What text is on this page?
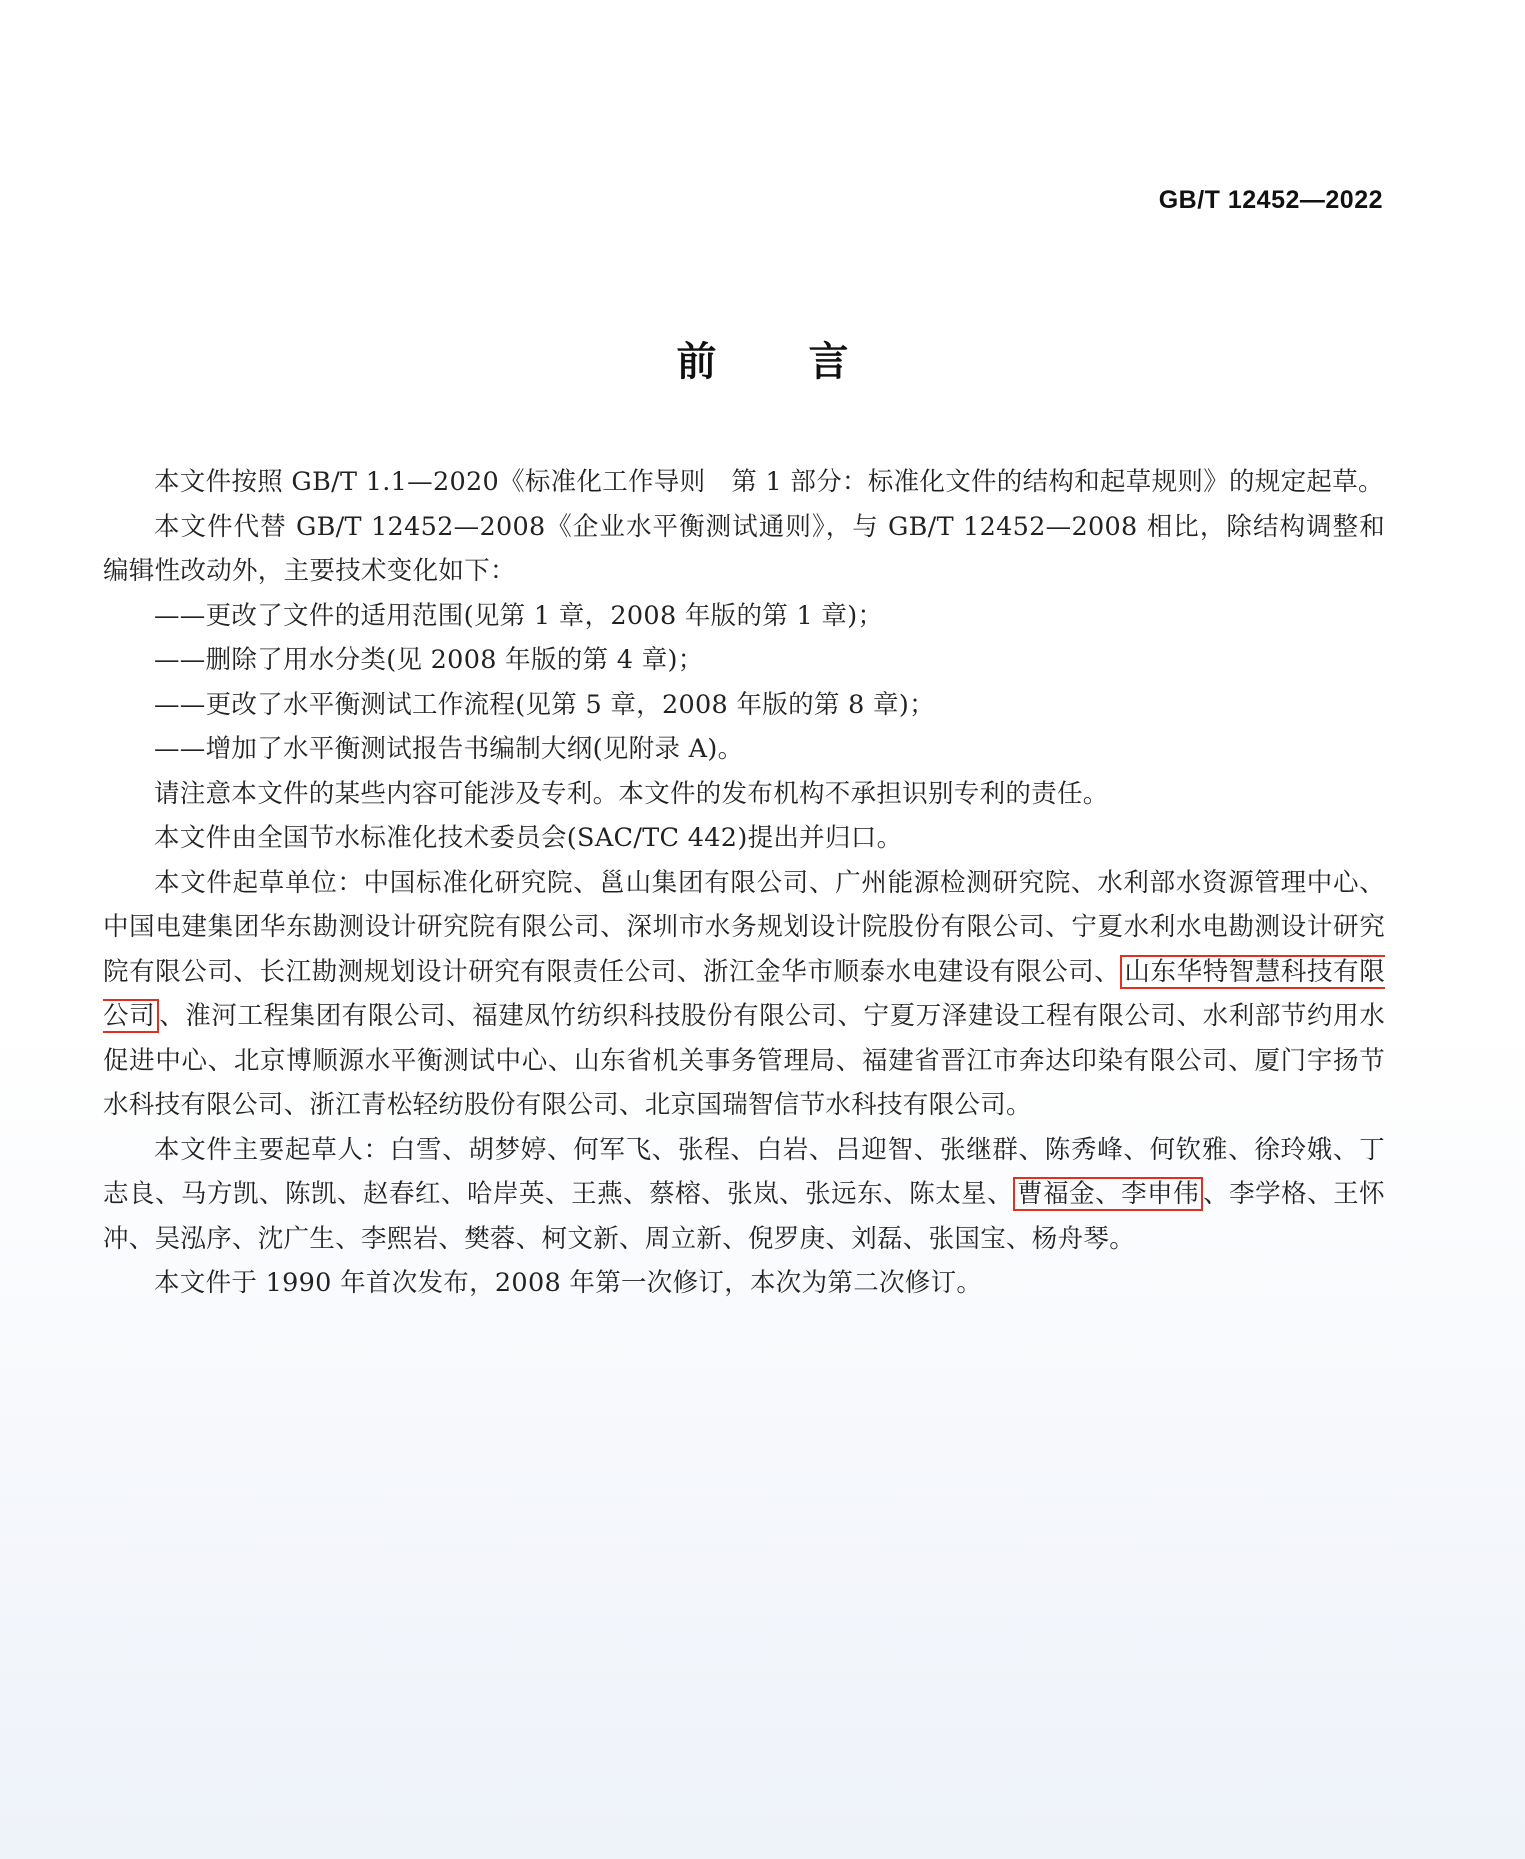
GB/T 12452—2022
前 言

本文件按照 GB/T 1.1—2020《标准化工作导则　第 1 部分：标准化文件的结构和起草规则》的规定起草。

本文件代替 GB/T 12452—2008《企业水平衡测试通则》，与 GB/T 12452—2008 相比，除结构调整和编辑性改动外，主要技术变化如下：

——更改了文件的适用范围(见第 1 章，2008 年版的第 1 章)；

——删除了用水分类(见 2008 年版的第 4 章)；

——更改了水平衡测试工作流程(见第 5 章，2008 年版的第 8 章)；

——增加了水平衡测试报告书编制大纲(见附录 A)。

请注意本文件的某些内容可能涉及专利。本文件的发布机构不承担识别专利的责任。

本文件由全国节水标准化技术委员会(SAC/TC 442)提出并归口。

本文件起草单位：中国标准化研究院、邕山集团有限公司、广州能源检测研究院、水利部水资源管理中心、中国电建集团华东勘测设计研究院有限公司、深圳市水务规划设计院股份有限公司、宁夏水利水电勘测设计研究院有限公司、长江勘测规划设计研究有限责任公司、浙江金华市顺泰水电建设有限公司、 山东华特智慧科技有限公司 、淮河工程集团有限公司、福建凤竹纺织科技股份有限公司、宁夏万泽建设工程有限公司、水利部节约用水促进中心、北京博顺源水平衡测试中心、山东省机关事务管理局、福建省晋江市奔达印染有限公司、厦门宇扬节水科技有限公司、浙江青松轻纺股份有限公司、北京国瑞智信节水科技有限公司。

本文件主要起草人：白雪、胡梦婷、何军飞、张程、白岩、吕迎智、张继群、陈秀峰、何钦雅、徐玲娥、丁志良、马方凯、陈凯、赵春红、哈岸英、王燕、蔡榕、张岚、张远东、陈太星、 曹福金、李申伟 、李学格、王怀冲、吴泓序、沈广生、李熙岩、樊蓉、柯文新、周立新、倪罗庚、刘磊、张国宝、杨舟琴。

本文件于 1990 年首次发布，2008 年第一次修订，本次为第二次修订。
